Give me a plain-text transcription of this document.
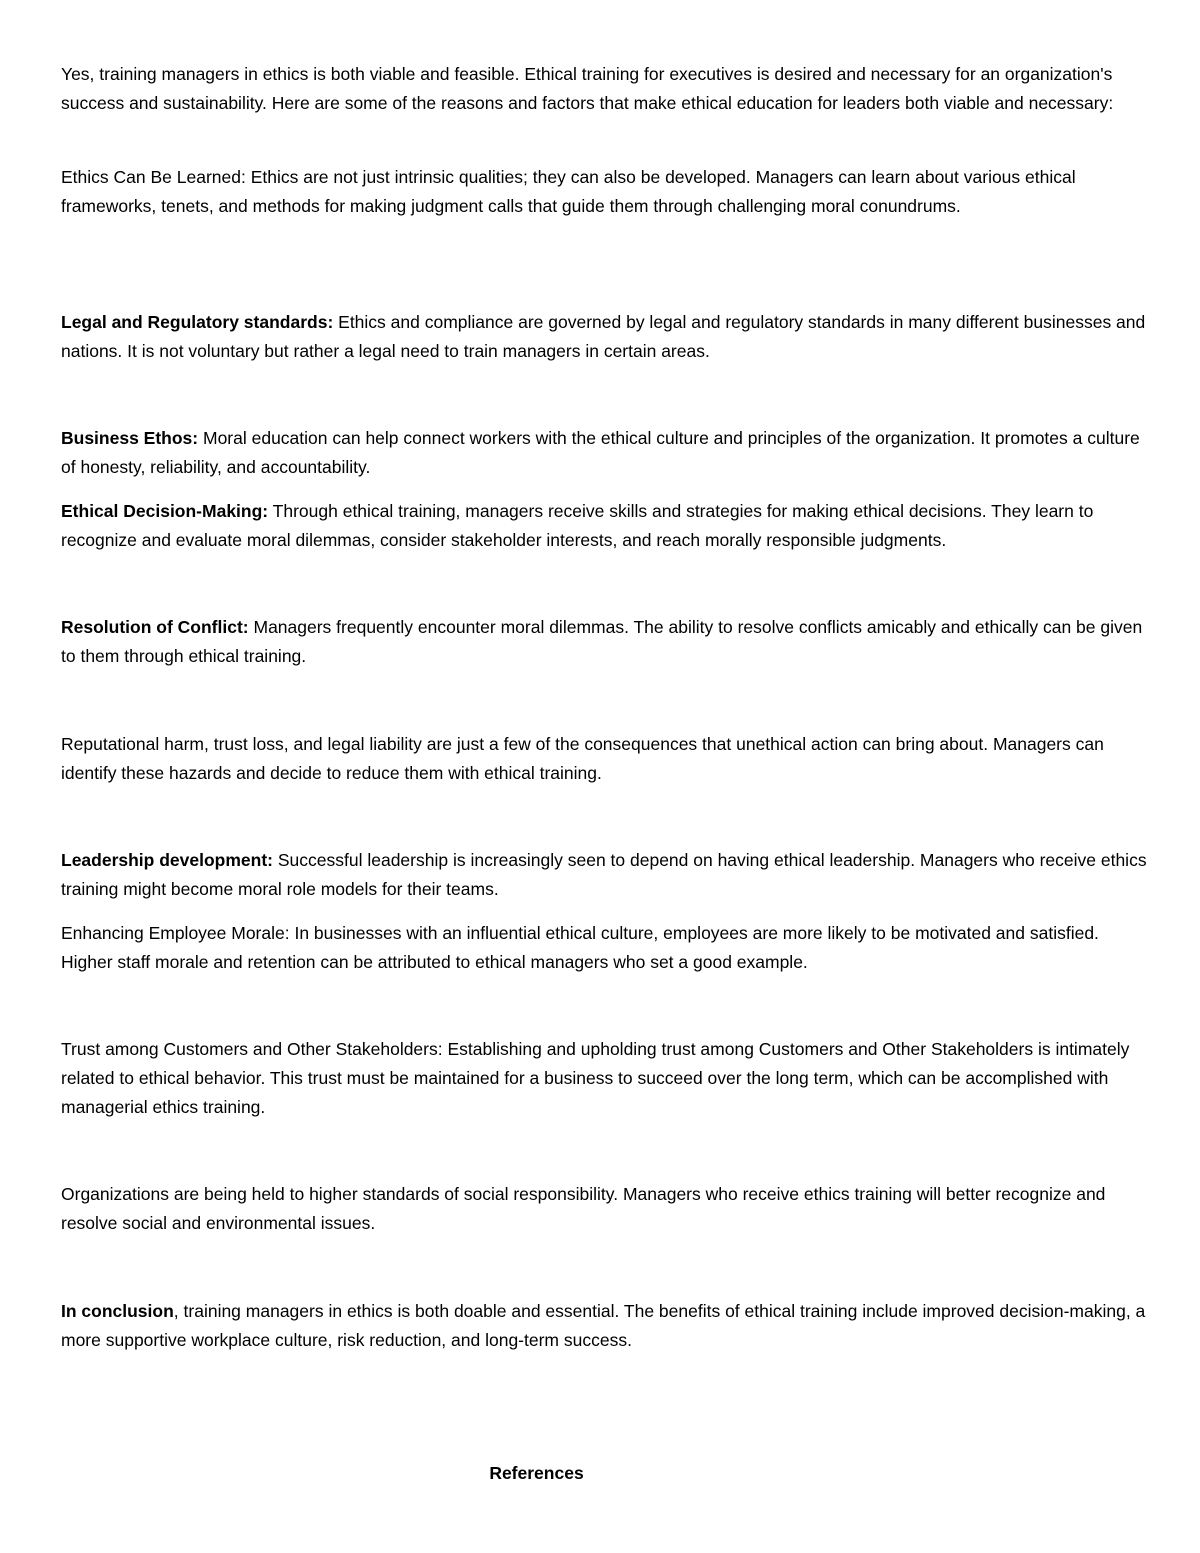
Yes, training managers in ethics is both viable and feasible. Ethical training for executives is desired and necessary for an organization's success and sustainability. Here are some of the reasons and factors that make ethical education for leaders both viable and necessary:

Ethics Can Be Learned: Ethics are not just intrinsic qualities; they can also be developed. Managers can learn about various ethical frameworks, tenets, and methods for making judgment calls that guide them through challenging moral conundrums.

Legal and Regulatory standards: Ethics and compliance are governed by legal and regulatory standards in many different businesses and nations. It is not voluntary but rather a legal need to train managers in certain areas.

Business Ethos: Moral education can help connect workers with the ethical culture and principles of the organization. It promotes a culture of honesty, reliability, and accountability.

Ethical Decision-Making: Through ethical training, managers receive skills and strategies for making ethical decisions. They learn to recognize and evaluate moral dilemmas, consider stakeholder interests, and reach morally responsible judgments.

Resolution of Conflict: Managers frequently encounter moral dilemmas. The ability to resolve conflicts amicably and ethically can be given to them through ethical training.

Reputational harm, trust loss, and legal liability are just a few of the consequences that unethical action can bring about. Managers can identify these hazards and decide to reduce them with ethical training.

Leadership development: Successful leadership is increasingly seen to depend on having ethical leadership. Managers who receive ethics training might become moral role models for their teams.

Enhancing Employee Morale: In businesses with an influential ethical culture, employees are more likely to be motivated and satisfied. Higher staff morale and retention can be attributed to ethical managers who set a good example.

Trust among Customers and Other Stakeholders: Establishing and upholding trust among Customers and Other Stakeholders is intimately related to ethical behavior. This trust must be maintained for a business to succeed over the long term, which can be accomplished with managerial ethics training.

Organizations are being held to higher standards of social responsibility. Managers who receive ethics training will better recognize and resolve social and environmental issues.

In conclusion, training managers in ethics is both doable and essential. The benefits of ethical training include improved decision-making, a more supportive workplace culture, risk reduction, and long-term success.

References
